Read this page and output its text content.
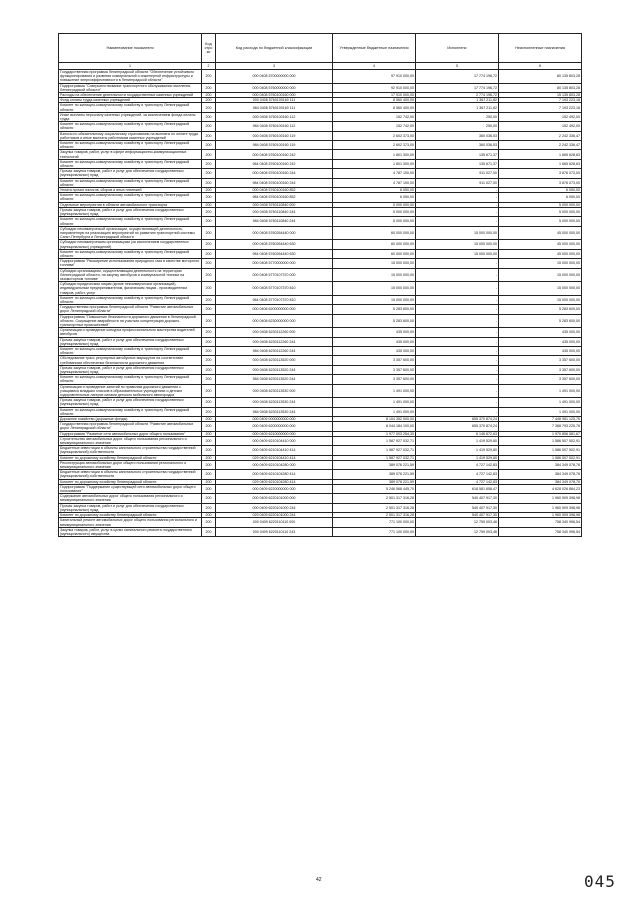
Наименование показателя	Код стро ки	Код расхода по бюджетной классификации	Утвержденные бюджетные назначения	Исполнено	Неисполненные назначения
1	2	3	4	5	6
Государственная программа Ленинградской области "Обеспечение устойчивого функционирования и развития коммунальной и инженерной инфраструктуры и повышение энергоэффективности в Ленинградской области"	200	000 0408 5700000000 000	97 910 000,00	17 774 196,72	80 135 803,28
Подпрограмма "Совершенствование транспортного обслуживания населения Ленинградской области"	200	000 0408 5760000000 000	92 910 000,00	17 774 196,72	80 135 803,28
Расходы на обеспечение деятельности государственных казенных учреждений	200	000 0408 5760100160 000	17 910 000,00	2 774 196,72	15 135 803,28
Фонд оплаты труда казенных учреждений	200	000 0408 5760100160 111	8 560 400,00	1 367 211,82	7 193 223,18
Комитет по жилищно-коммунальному хозяйству и транспорту Ленинградской области	200	984 0408 5760100160 111	8 560 400,00	1 367 211,82	7 193 223,18
Иные выплаты персоналу казенных учреждений, за исключением фонда оплаты труда	200	000 0408 5760100160 112	152 742,00	250,00	152 492,00
Комитет по жилищно-коммунальному хозяйству и транспорту Ленинградской области	200	984 0408 5760100160 112	152 742,00	250,00	152 492,00
Взносы по обязательному социальному страхованию на выплаты по оплате труда работников и иные выплаты работникам казенных учреждений	200	000 0408 5760100160 119	2 602 373,00	360 036,53	2 242 336,47
Комитет по жилищно-коммунальному хозяйству и транспорту Ленинградской области	200	984 0408 5760100160 119	2 602 373,00	360 036,53	2 242 336,47
Закупка товаров, работ, услуг в сфере информационно-коммуникационных технологий	200	000 0408 5760100160 242	1 801 300,00	135 671,37	1 665 628,63
Комитет по жилищно-коммунальному хозяйству и транспорту Ленинградской области	200	984 0408 5760100160 242	1 801 300,00	135 671,37	1 665 628,63
Прочая закупка товаров, работ и услуг для обеспечения государственных (муниципальных) нужд	200	000 0408 5760100160 244	4 787 100,00	911 027,00	3 876 073,00
Комитет по жилищно-коммунальному хозяйству и транспорту Ленинградской области	200	984 0408 5760100160 244	4 787 100,00	911 027,00	3 876 073,00
Уплата прочих налогов, сборов и иных платежей	200	000 0408 5760100160 852	6 050,00	-	6 050,00
Комитет по жилищно-коммунальному хозяйству и транспорту Ленинградской области	200	984 0408 5760100160 852	6 050,00	-	6 050,00
Отдельные мероприятия в области автомобильного транспорта	200	000 0408 5760110840 000	5 000 000,00	-	5 000 000,00
Прочая закупка товаров, работ и услуг для обеспечения государственных (муниципальных) нужд	200	000 0408 5760110840 244	5 000 000,00	-	5 000 000,00
Комитет по жилищно-коммунальному хозяйству и транспорту Ленинградской области	200	984 0408 5760110840 244	5 000 000,00	-	5 000 000,00
Субсидии некоммерческой организации, осуществляющей деятельность, направленную на реализацию мероприятий по развитию транспортной системы Санкт-Петербурга и Ленинградской области	200	000 0408 5760264440 000	60 000 000,00	15 000 000,00	45 000 000,00
Субсидии некоммерческим организациям (за исключением государственных (муниципальных) учреждений)	200	000 0408 5760264440 630	60 000 000,00	15 000 000,00	45 000 000,00
Комитет по жилищно-коммунальному хозяйству и транспорту Ленинградской области	200	984 0408 5760264440 630	60 000 000,00	15 000 000,00	45 000 000,00
Подпрограмма "Расширение использования природного газа в качестве моторного топлива"	200	000 0408 5770000000 000	15 000 000,00	-	15 000 000,00
Субсидии организациям, осуществляющим деятельность на территории Ленинградской области, на закупку автобусов и коммунальной техники на газомоторном топливе	200	000 0408 5770107370 000	15 000 000,00	-	15 000 000,00
Субсидии юридическим лицам (кроме некоммерческих организаций), индивидуальным предпринимателям, физическим лицам - производителям товаров, работ, услуг	200	000 0408 5770107370 810	15 000 000,00	-	15 000 000,00
Комитет по жилищно-коммунальному хозяйству и транспорту Ленинградской области	200	984 0408 5770107370 810	15 000 000,00	-	15 000 000,00
Государственная программа Ленинградской области "Развитие автомобильных дорог Ленинградской области"	200	000 0408 6200000000 000	5 283 600,00	-	5 283 600,00
Подпрограмма "Повышение безопасности дорожного движения в Ленинградской области. Сокращение аварийности на участках концентрации дорожно-транспортных происшествий"	200	000 0408 6230000000 000	5 283 600,00	-	5 283 600,00
Организация и проведение конкурса профессионального мастерства водителей автобусов	200	000 0408 6230112260 000	435 000,00	-	435 000,00
Прочая закупка товаров, работ и услуг для обеспечения государственных (муниципальных) нужд	200	000 0408 6230112260 244	435 000,00	-	435 000,00
Комитет по жилищно-коммунальному хозяйству и транспорту Ленинградской области	200	984 0408 6230112260 244	435 000,00	-	435 000,00
Обследование трасс регулярных автобусных маршрутов на соответствие требованиям обеспечения безопасности дорожного движения	200	000 0408 6230113520 000	3 357 600,00	-	3 357 600,00
Прочая закупка товаров, работ и услуг для обеспечения государственных (муниципальных) нужд	200	000 0408 6230113520 244	3 357 600,00	-	3 357 600,00
Комитет по жилищно-коммунальному хозяйству и транспорту Ленинградской области	200	984 0408 6230113520 244	3 357 600,00	-	3 357 600,00
Организация и проведение занятий по правилам дорожного движения с учащимися младших классов в образовательных учреждениях и детских оздоровительных лагерях силами детского мобильного автогородка	200	000 0408 6230113530 000	1 491 000,00	-	1 491 000,00
Прочая закупка товаров, работ и услуг для обеспечения государственных (муниципальных) нужд	200	000 0408 6230113530 244	1 491 000,00	-	1 491 000,00
Комитет по жилищно-коммунальному хозяйству и транспорту Ленинградской области	200	984 0408 6230113530 244	1 491 000,00	-	1 491 000,00
Дорожное хозяйство (дорожные фонды)	200	000 0409 0000000000 000	8 104 352 000,00	655 370 874,24	7 448 981 125,76
Государственная программа Ленинградской области "Развитие автомобильных дорог Ленинградской области"	200	000 0409 6200000000 000	8 044 184 100,00	655 370 874,24	7 388 793 225,76
Подпрограмма "Развитие сети автомобильных дорог общего пользования"	200	000 0409 6210000000 000	1 977 003 254,30	6 146 672,63	1 970 856 581,67
Строительство автомобильных дорог общего пользования регионального и межмуниципального значения	200	000 0409 6210104410 000	1 587 927 032,71	1 419 529,80	1 586 507 502,91
Бюджетные инвестиции в объекты капитального строительства государственной (муниципальной) собственности	200	000 0409 6210104410 414	1 587 927 032,71	1 419 529,80	1 586 507 502,91
Комитет по дорожному хозяйству Ленинградской области	200	029 0409 6210104410 414	1 587 927 032,71	1 419 529,80	1 586 507 502,91
Реконструкция автомобильных дорог общего пользования регионального и межмуниципального значения	200	000 0409 6210104280 000	389 076 221,59	4 727 142,83	384 349 078,76
Бюджетные инвестиции в объекты капитального строительства государственной (муниципальной) собственности	200	000 0409 6210104280 414	389 076 221,59	4 727 142,83	384 349 078,76
Комитет по дорожному хозяйству Ленинградской области	200	029 0409 6210104280 414	389 076 221,59	4 727 142,83	384 349 078,76
Подпрограмма "Поддержание существующей сети автомобильных дорог общего пользования"	200	000 0409 6220000000 000	5 246 568 445,70	618 581 658,47	4 628 026 884,23
Содержание автомобильных дорог общего пользования регионального и межмуниципального значения	200	000 0409 6220101000 000	2 501 317 316,28	540 407 917,30	1 960 909 398,98
Прочая закупка товаров, работ и услуг для обеспечения государственных (муниципальных) нужд	200	000 0409 6220101000 244	2 501 317 316,28	540 407 917,30	1 960 909 398,98
Комитет по дорожному хозяйству Ленинградской области	200	029 0409 6220101000 244	2 501 317 316,28	540 407 917,30	1 960 909 398,98
Капитальный ремонт автомобильных дорог общего пользования регионального и межмуниципального значения	200	000 0409 6220110110 000	771 100 000,00	12 759 003,46	758 340 996,54
Закупка товаров, работ, услуг в целях капитального ремонта государственного (муниципального) имущества	200	000 0409 6220110110 243	771 100 000,00	12 759 003,46	758 340 996,54
42	045
